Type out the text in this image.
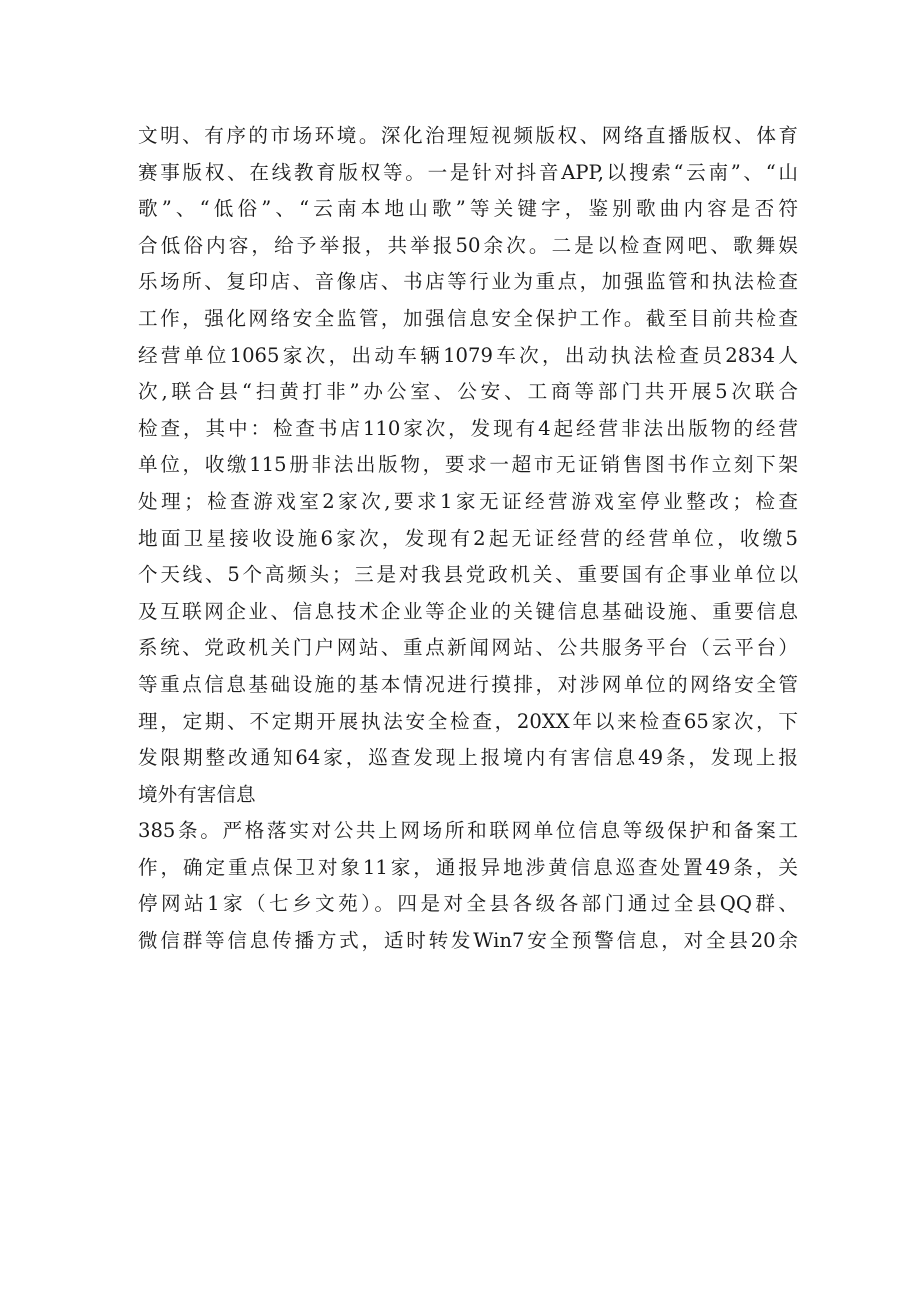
文明、有序的市场环境。深化治理短视频版权、网络直播版权、体育
赛事版权、在线教育版权等。一是针对抖音APP,以搜索“云南”、“山
歌”、“低俗”、“云南本地山歌”等关键字，鉴别歌曲内容是否符
合低俗内容，给予举报，共举报50余次。二是以检查网吧、歌舞娱
乐场所、复印店、音像店、书店等行业为重点，加强监管和执法检查
工作，强化网络安全监管，加强信息安全保护工作。截至目前共检查
经营单位1065家次，出动车辆1079车次，出动执法检查员2834人
次,联合县“扫黄打非”办公室、公安、工商等部门共开展5次联合
检查，其中：检查书店110家次，发现有4起经营非法出版物的经营
单位，收缴115册非法出版物，要求一超市无证销售图书作立刻下架
处理；检查游戏室2家次,要求1家无证经营游戏室停业整改；检查
地面卫星接收设施6家次，发现有2起无证经营的经营单位，收缴5
个天线、5个高频头；三是对我县党政机关、重要国有企事业单位以
及互联网企业、信息技术企业等企业的关键信息基础设施、重要信息
系统、党政机关门户网站、重点新闻网站、公共服务平台（云平台）
等重点信息基础设施的基本情况进行摸排，对涉网单位的网络安全管
理，定期、不定期开展执法安全检查，20XX年以来检查65家次，下
发限期整改通知64家，巡查发现上报境内有害信息49条，发现上报
境外有害信息
385条。严格落实对公共上网场所和联网单位信息等级保护和备案工
作，确定重点保卫对象11家，通报异地涉黄信息巡查处置49条，关
停网站1家（七乡文苑）。四是对全县各级各部门通过全县QQ群、
微信群等信息传播方式，适时转发Win7安全预警信息，对全县20余
